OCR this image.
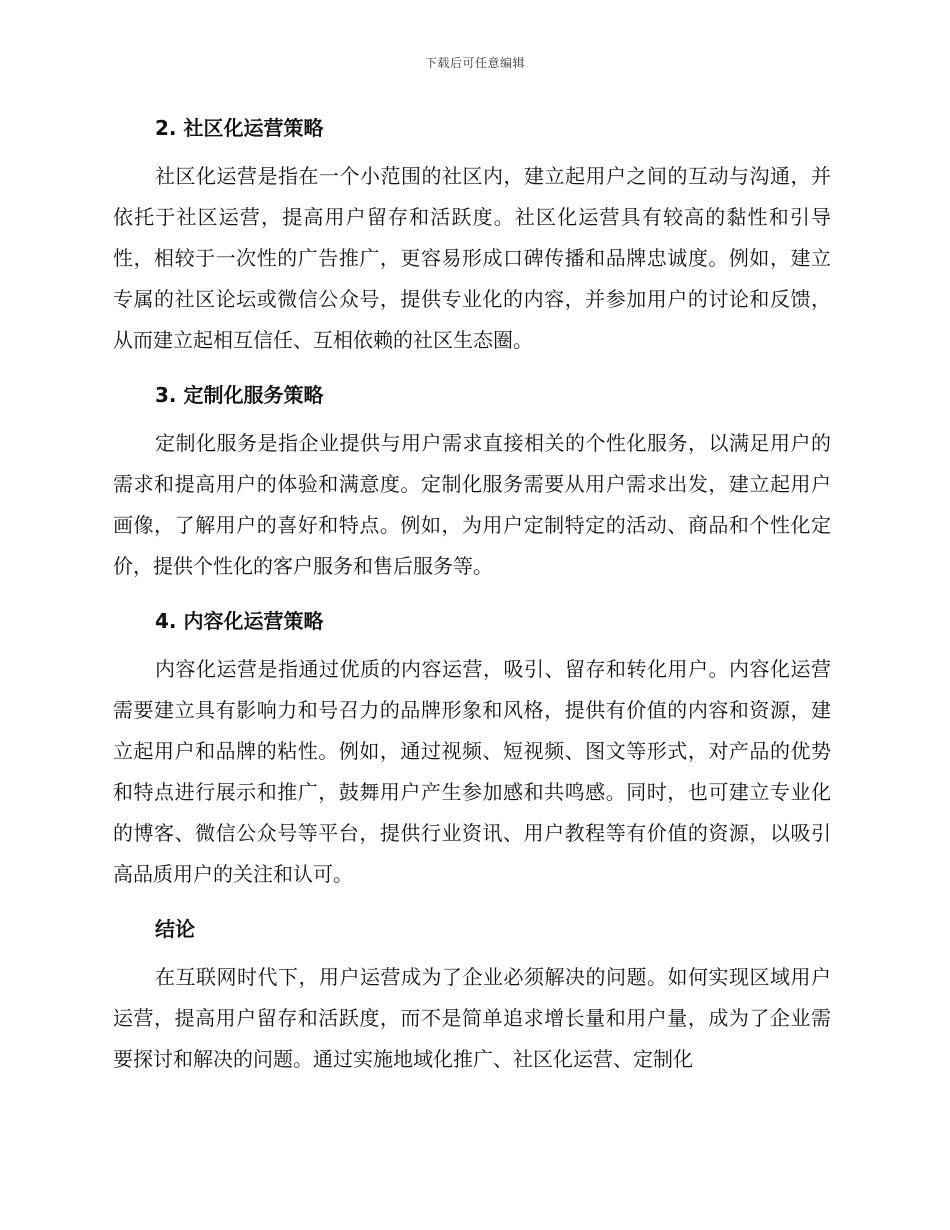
下载后可任意编辑
2. 社区化运营策略

社区化运营是指在一个小范围的社区内，建立起用户之间的互动与沟通，并依托于社区运营，提高用户留存和活跃度。社区化运营具有较高的黏性和引导性，相较于一次性的广告推广，更容易形成口碑传播和品牌忠诚度。例如，建立专属的社区论坛或微信公众号，提供专业化的内容，并参加用户的讨论和反馈，从而建立起相互信任、互相依赖的社区生态圈。

3. 定制化服务策略

定制化服务是指企业提供与用户需求直接相关的个性化服务，以满足用户的需求和提高用户的体验和满意度。定制化服务需要从用户需求出发，建立起用户画像，了解用户的喜好和特点。例如，为用户定制特定的活动、商品和个性化定价，提供个性化的客户服务和售后服务等。

4. 内容化运营策略

内容化运营是指通过优质的内容运营，吸引、留存和转化用户。内容化运营需要建立具有影响力和号召力的品牌形象和风格，提供有价值的内容和资源，建立起用户和品牌的粘性。例如，通过视频、短视频、图文等形式，对产品的优势和特点进行展示和推广，鼓舞用户产生参加感和共鸣感。同时，也可建立专业化的博客、微信公众号等平台，提供行业资讯、用户教程等有价值的资源，以吸引高品质用户的关注和认可。

结论

在互联网时代下，用户运营成为了企业必须解决的问题。如何实现区域用户运营，提高用户留存和活跃度，而不是简单追求增长量和用户量，成为了企业需要探讨和解决的问题。通过实施地域化推广、社区化运营、定制化
